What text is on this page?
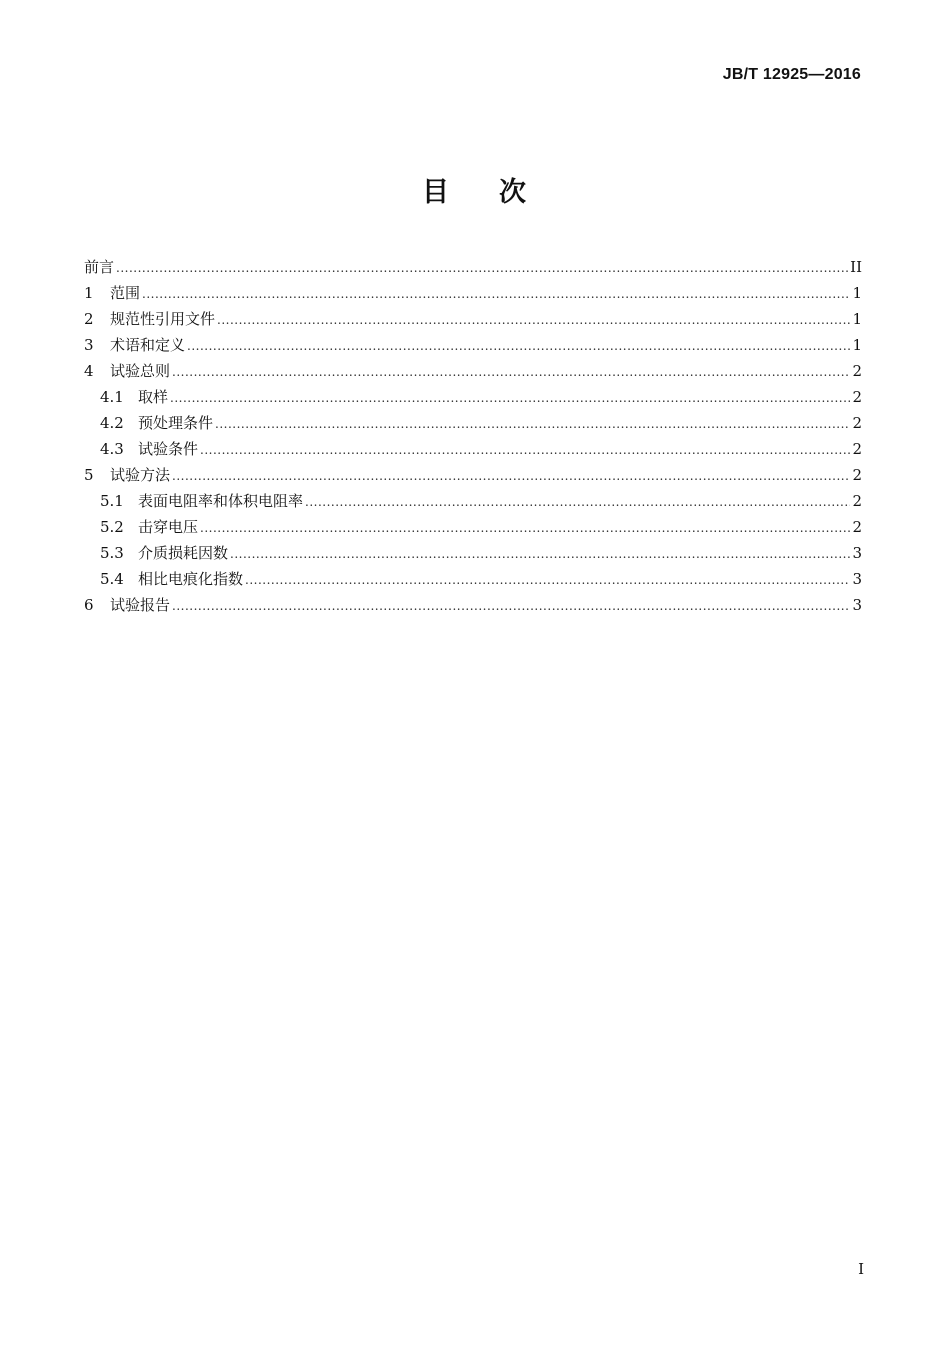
JB/T 12925—2016
目 次
前言 .....	II
1	范围 .....	1
2	规范性引用文件 .....	1
3	术语和定义 .....	1
4	试验总则 .....	2
4.1 取样 .....	2
4.2 预处理条件 .....	2
4.3 试验条件 .....	2
5	试验方法 .....	2
5.1 表面电阻率和体积电阻率 .....	2
5.2 击穿电压 .....	2
5.3 介质损耗因数 .....	3
5.4 相比电痕化指数 .....	3
6	试验报告 .....	3
I
